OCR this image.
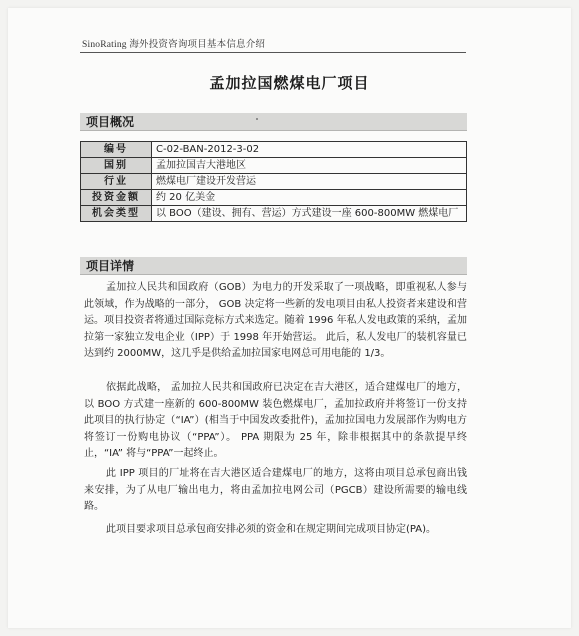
SinoRating 海外投资咨询项目基本信息介绍
孟加拉国燃煤电厂项目
项目概况
编号	C-02-BAN-2012-3-02
国别	孟加拉国吉大港地区
行业	燃煤电厂建设开发营运
投资金额	约 20 亿美金
机会类型	以 BOO（建设、拥有、营运）方式建设一座 600-800MW 燃煤电厂
项目详情
孟加拉人民共和国政府（GOB）为电力的开发采取了一项战略，即重视私人参与此领域，作为战略的一部分， GOB 决定将一些新的发电项目由私人投资者来建设和营运。项目投资者将通过国际竞标方式来选定。随着 1996 年私人发电政策的采纳，孟加拉第一家独立发电企业（IPP）于 1998 年开始营运。 此后，私人发电厂的装机容量已达到约 2000MW，这几乎是供给孟加拉国家电网总可用电能的 1/3。
依据此战略， 孟加拉人民共和国政府已决定在吉大港区，适合建煤电厂的地方，以 BOO 方式建一座新的 600-800MW 装色燃煤电厂，孟加拉政府并将签订一份支持此项目的执行协定（“IA”）(相当于中国发改委批件)，孟加拉国电力发展部作为购电方将签订一份购电协议（“PPA”）。 PPA 期限为 25 年，除非根据其中的条款提早终止，“IA” 将与“PPA”一起终止。
此 IPP 项目的厂址将在吉大港区适合建煤电厂的地方，这将由项目总承包商出钱来安排，为了从电厂输出电力，将由孟加拉电网公司（PGCB）建设所需要的输电线路。
此项目要求项目总承包商安排必须的资金和在规定期间完成项目协定(PA)。
